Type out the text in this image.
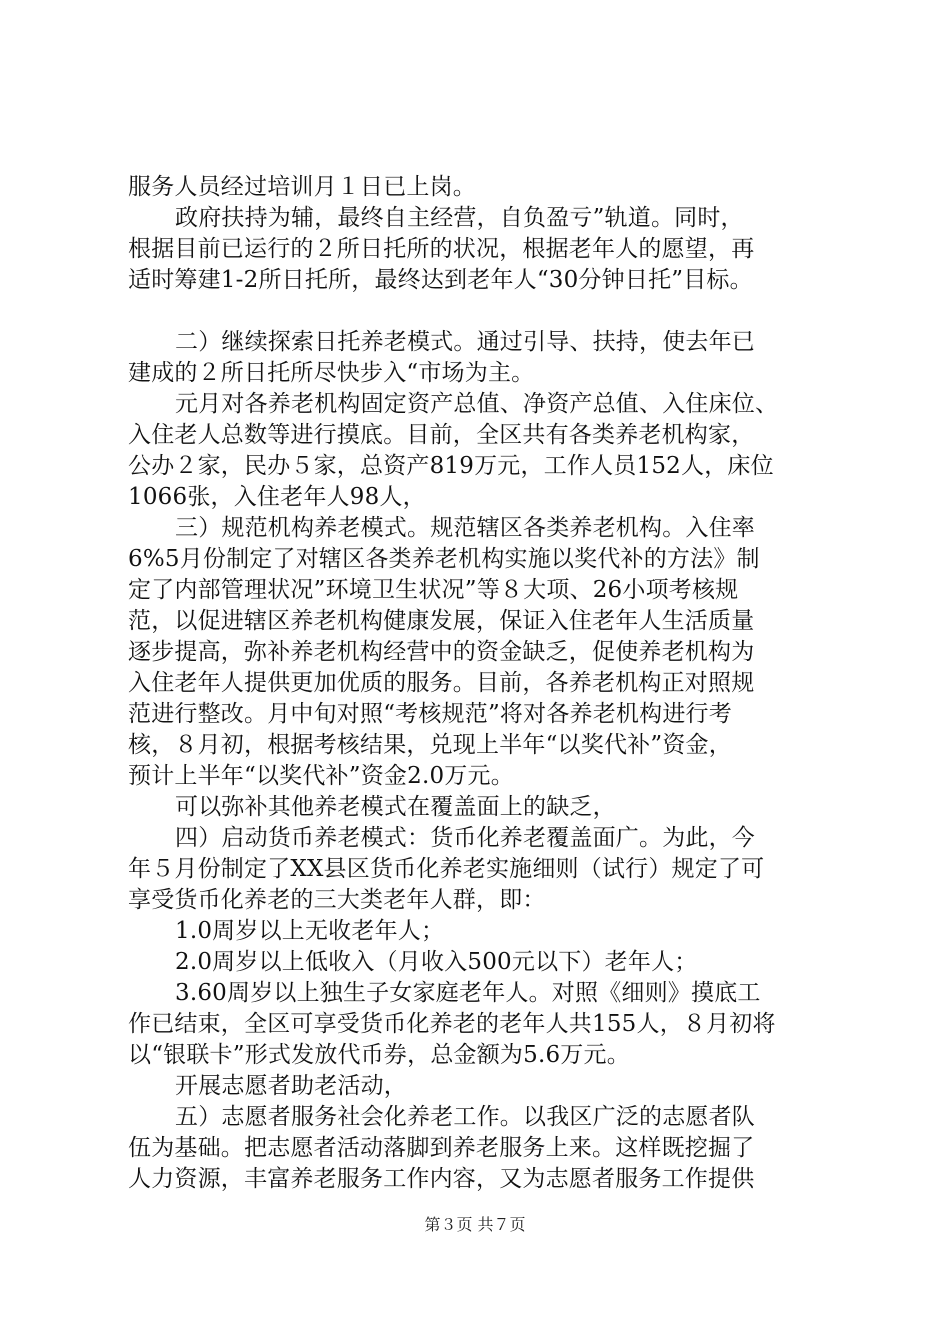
服务人员经过培训月１日已上岗。

政府扶持为辅，最终自主经营，自负盈亏”轨道。同时，

根据目前已运行的２所日托所的状况，根据老年人的愿望，再

适时筹建1-2所日托所，最终达到老年人“30分钟日托”目标。

二）继续探索日托养老模式。通过引导、扶持，使去年已

建成的２所日托所尽快步入“市场为主。

元月对各养老机构固定资产总值、净资产总值、入住床位、

入住老人总数等进行摸底。目前，全区共有各类养老机构家，

公办２家，民办５家，总资产819万元，工作人员152人，床位

1066张，入住老年人98人，

三）规范机构养老模式。规范辖区各类养老机构。入住率

6%5月份制定了对辖区各类养老机构实施以奖代补的方法》制

定了内部管理状况”环境卫生状况”等８大项、26小项考核规

范，以促进辖区养老机构健康发展，保证入住老年人生活质量

逐步提高，弥补养老机构经营中的资金缺乏，促使养老机构为

入住老年人提供更加优质的服务。目前，各养老机构正对照规

范进行整改。月中旬对照“考核规范”将对各养老机构进行考

核，８月初，根据考核结果，兑现上半年“以奖代补”资金，

预计上半年“以奖代补”资金2.0万元。

可以弥补其他养老模式在覆盖面上的缺乏，

四）启动货币养老模式：货币化养老覆盖面广。为此，今

年５月份制定了XX县区货币化养老实施细则（试行）规定了可

享受货币化养老的三大类老年人群，即：

1.0周岁以上无收老年人；

2.0周岁以上低收入（月收入500元以下）老年人；

3.60周岁以上独生子女家庭老年人。对照《细则》摸底工

作已结束，全区可享受货币化养老的老年人共155人，８月初将

以“银联卡”形式发放代币券，总金额为5.6万元。

开展志愿者助老活动，

五）志愿者服务社会化养老工作。以我区广泛的志愿者队

伍为基础。把志愿者活动落脚到养老服务上来。这样既挖掘了

人力资源，丰富养老服务工作内容，又为志愿者服务工作提供

第３页 共７页
